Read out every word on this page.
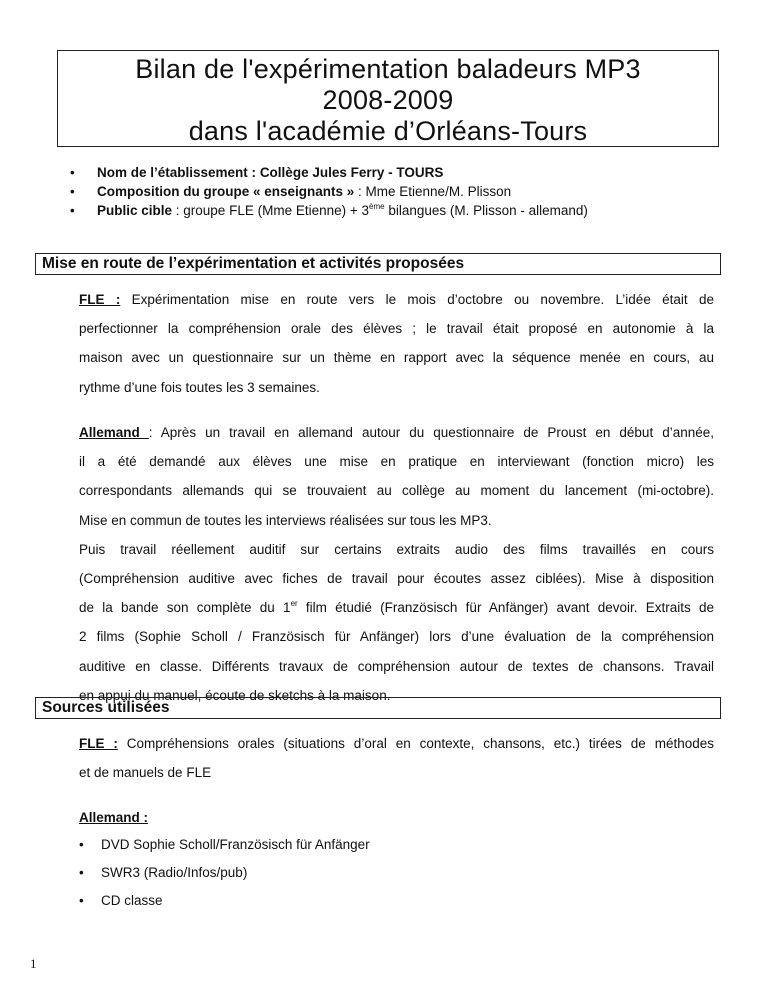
Bilan de l'expérimentation baladeurs MP3
2008-2009
dans l'académie d’Orléans-Tours
• Nom de l’établissement : Collège Jules Ferry - TOURS
• Composition du groupe « enseignants » : Mme Etienne/M. Plisson
• Public cible : groupe FLE (Mme Etienne) + 3ème bilangues (M. Plisson - allemand)
Mise en route de l’expérimentation et activités proposées
FLE : Expérimentation mise en route vers le mois d’octobre ou novembre. L’idée était de
perfectionner la compréhension orale des élèves ; le travail était proposé en autonomie à la
maison avec un questionnaire sur un thème en rapport avec la séquence menée en cours, au
rythme d’une fois toutes les 3 semaines.
Allemand : Après un travail en allemand autour du questionnaire de Proust en début d’année,
il a été demandé aux élèves une mise en pratique en interviewant (fonction micro) les
correspondants allemands qui se trouvaient au collège au moment du lancement (mi-octobre).
Mise en commun de toutes les interviews réalisées sur tous les MP3.
Puis travail réellement auditif sur certains extraits audio des films travaillés en cours
(Compréhension auditive avec fiches de travail pour écoutes assez ciblées). Mise à disposition
de la bande son complète du 1er film étudié (Französisch für Anfänger) avant devoir. Extraits de
2 films (Sophie Scholl / Französisch für Anfänger) lors d’une évaluation de la compréhension
auditive en classe. Différents travaux de compréhension autour de textes de chansons. Travail
en appui du manuel, écoute de sketchs à la maison.
Sources utilisées
FLE : Compréhensions orales (situations d’oral en contexte, chansons, etc.) tirées de méthodes
et de manuels de FLE
Allemand :
• DVD Sophie Scholl/Französisch für Anfänger
• SWR3 (Radio/Infos/pub)
• CD classe
1
